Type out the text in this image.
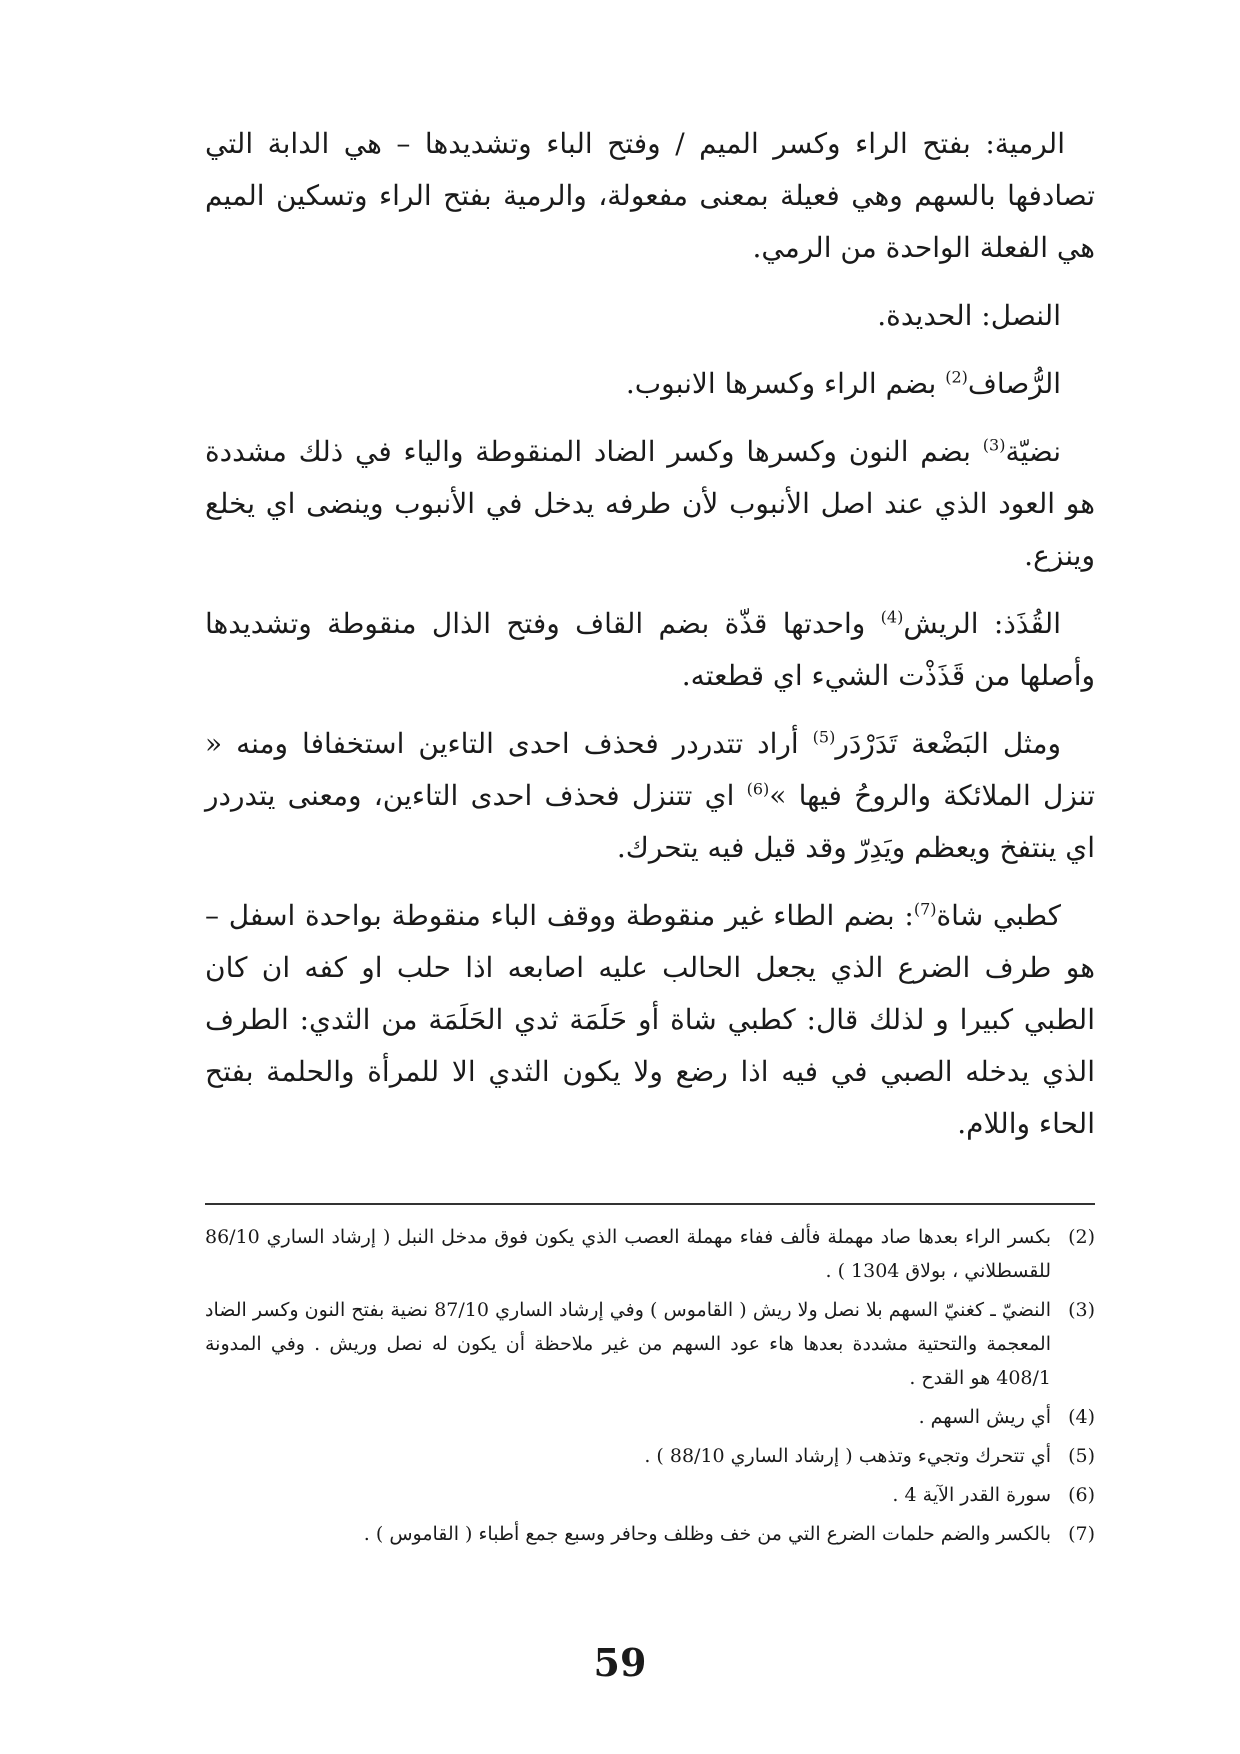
الرمية: بفتح الراء وكسر الميم / وفتح الباء وتشديدها – هي الدابة التي تصادفها بالسهم وهي فعيلة بمعنى مفعولة، والرمية بفتح الراء وتسكين الميم هي الفعلة الواحدة من الرمي.

النصل: الحديدة.

الرُّصاف$^{(2)}$ بضم الراء وكسرها الانبوب.

نضيّة$^{(3)}$ بضم النون وكسرها وكسر الضاد المنقوطة والياء في ذلك مشددة هو العود الذي عند اصل الأنبوب لأن طرفه يدخل في الأنبوب وينضى اي يخلع وينزع.

القُذَذ: الريش$^{(4)}$ واحدتها قذّة بضم القاف وفتح الذال منقوطة وتشديدها وأصلها من قَذَذْت الشيء اي قطعته.

ومثل البَضْعة تَدَرْدَر$^{(5)}$ أراد تتدردر فحذف احدى التاءين استخفافا ومنه « تنزل الملائكة والروحُ فيها »$^{(6)}$ اي تتنزل فحذف احدى التاءين، ومعنى يتدردر اي ينتفخ ويعظم ويَدِرّ وقد قيل فيه يتحرك.

كطبي شاة$^{(7)}$: بضم الطاء غير منقوطة ووقف الباء منقوطة بواحدة اسفل – هو طرف الضرع الذي يجعل الحالب عليه اصابعه اذا حلب او كفه ان كان الطبي كبيرا و لذلك قال: كطبي شاة أو حَلَمَة ثدي الحَلَمَة من الثدي: الطرف الذي يدخله الصبي في فيه اذا رضع ولا يكون الثدي الا للمرأة والحلمة بفتح الحاء واللام.

(2)
بكسر الراء بعدها صاد مهملة فألف ففاء مهملة العصب الذي يكون فوق مدخل النبل ( إرشاد الساري 86/10 للقسطلاني ، بولاق 1304 ) .
(3)
النضيّ ـ كغنيّ السهم بلا نصل ولا ريش ( القاموس ) وفي إرشاد الساري 87/10 نضية بفتح النون وكسر الضاد المعجمة والتحتية مشددة بعدها هاء عود السهم من غير ملاحظة أن يكون له نصل وريش . وفي المدونة 408/1 هو القدح .
(4)
أي ريش السهم .
(5)
أي تتحرك وتجيء وتذهب ( إرشاد الساري 88/10 ) .
(6)
سورة القدر الآية 4 .
(7)
بالكسر والضم حلمات الضرع التي من خف وظلف وحافر وسبع جمع أطباء ( القاموس ) .
59
